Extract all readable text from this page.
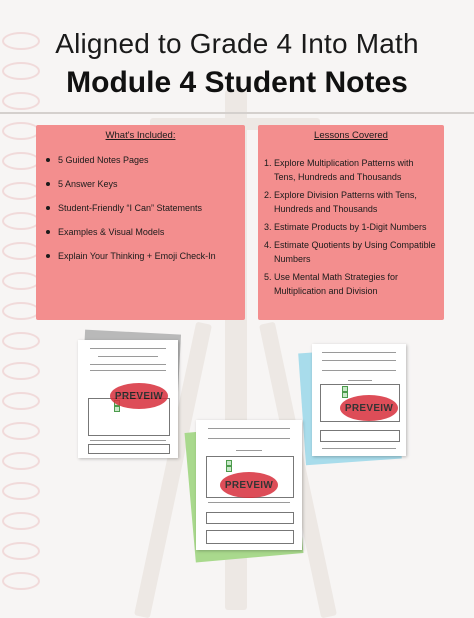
Aligned to Grade 4 Into Math
Module 4 Student Notes
What's Included:
5 Guided Notes Pages
5 Answer Keys
Student-Friendly “I Can” Statements
Examples & Visual Models
Explain Your Thinking + Emoji Check-In
Lessons Covered
1. Explore Multiplication Patterns with Tens, Hundreds and Thousands
2. Explore Division Patterns with Tens, Hundreds and Thousands
3. Estimate Products by 1-Digit Numbers
4. Estimate Quotients by Using Compatible Numbers
5. Use Mental Math Strategies for Multiplication and Division
PREVEIW
PREVEIW
PREVEIW
